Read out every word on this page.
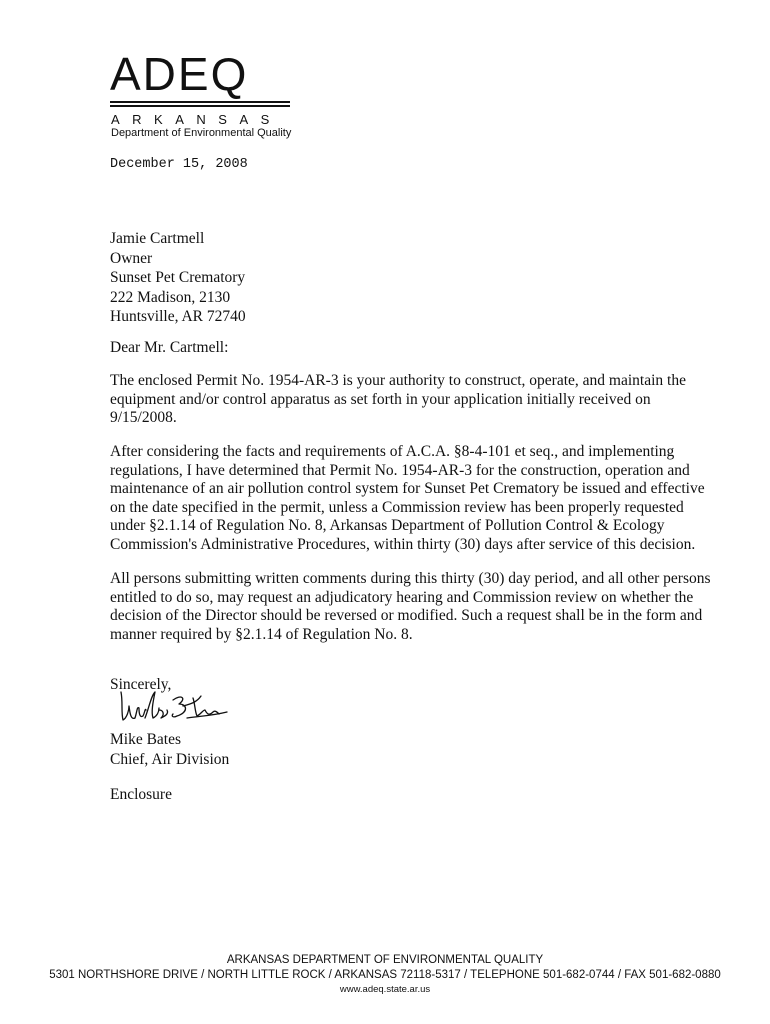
ADEQ
ARKANSAS
Department of Environmental Quality
December 15, 2008
Jamie Cartmell
Owner
Sunset Pet Crematory
222 Madison, 2130
Huntsville, AR 72740
Dear Mr. Cartmell:
The enclosed Permit No. 1954-AR-3 is your authority to construct, operate, and maintain the
equipment and/or control apparatus as set forth in your application initially received on
9/15/2008.
After considering the facts and requirements of A.C.A. §8-4-101 et seq., and implementing
regulations, I have determined that Permit No. 1954-AR-3 for the construction, operation and
maintenance of an air pollution control system for Sunset Pet Crematory be issued and effective
on the date specified in the permit, unless a Commission review has been properly requested
under §2.1.14 of Regulation No. 8, Arkansas Department of Pollution Control & Ecology
Commission's Administrative Procedures, within thirty (30) days after service of this decision.
All persons submitting written comments during this thirty (30) day period, and all other persons
entitled to do so, may request an adjudicatory hearing and Commission review on whether the
decision of the Director should be reversed or modified. Such a request shall be in the form and
manner required by §2.1.14 of Regulation No. 8.
Sincerely,
Mike Bates
Chief, Air Division
Enclosure
ARKANSAS DEPARTMENT OF ENVIRONMENTAL QUALITY
5301 NORTHSHORE DRIVE / NORTH LITTLE ROCK / ARKANSAS 72118-5317 / TELEPHONE 501-682-0744 / FAX 501-682-0880
www.adeq.state.ar.us
